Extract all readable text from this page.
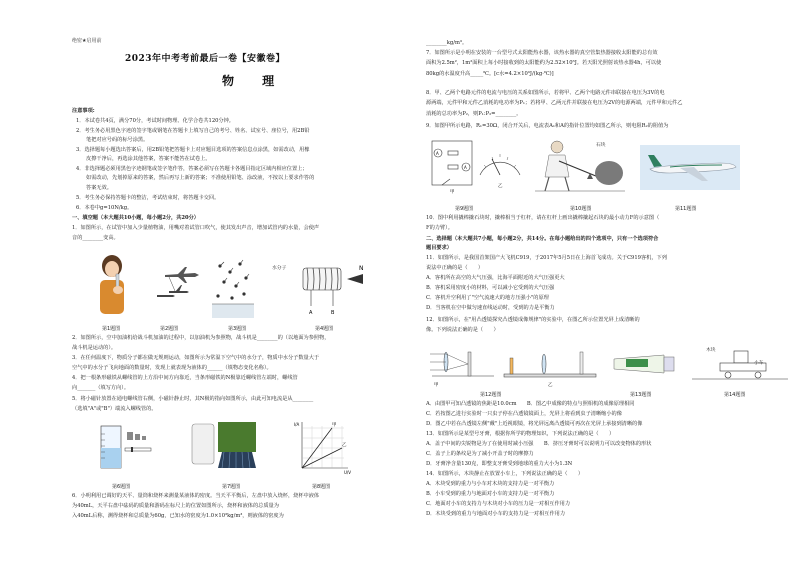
绝密★启用前
2023年中考考前最后一卷【安徽卷】
物 理
注意事项:
1．本试卷共4页，满分70分，考试时间物理、化学合卷共120分钟。
2．考生务必用黑色字迹的签字笔或钢笔在答题卡上填写自己的考号、姓名、试室号、座位号，用2B铅
笔把对应号码的标号涂黑。
3．选择题每小题选出答案后，用2B铅笔把答题卡上对应题目选项的答案信息点涂黑，如需改动，用橡
皮擦干净后，再选涂其他答案，答案不能答在试卷上。
4．非选择题必须用黑色字迹钢笔或签字笔作答，答案必须写在答题卡各题目指定区域内相应位置上；
如需改动，先划掉原来的答案，然后再写上新的答案；不准使用铅笔、涂改液，不按以上要求作答的
答案无效。
5．考生务必保持答题卡的整洁，考试结束时，将答题卡交回。
6．本卷中g=10N/kg。
一、填空题（本大题共10小题，每小题2分，共20分）
1．如图所示，在试管中加入少量植物油，用嘴对着试管口吹气，使其发出声音，增加试管内的水量，会使声
音的________变高。
水分子
A	B
N
第1题图	第2题图	第3题图	第4题图
2．如图所示，空中加油机给战斗机加油的过程中，以加油机为参照物，战斗机是________的（以地面为参照物，
战斗机是运动的）。
3．在任何温度下，物质分子都在做无规则运动，如图所示为常温下空气中的水分子，物质中水分子数量大于
空气中的水分子飞向地面的数量时，发现上就表现为液体的______（填物态变化名称）。
4．把一根条形磁铁从螺线管的上方沿中间方向靠近，当条形磁铁的N极靠近螺线管左端时，螺线管
向_______（填写方向）。
5．将小磁针放置在通电螺线管右侧，小磁针静止时，其N极的指向如图所示，由此可知电流是从________
（选填"A"或"B"）端流入螺线管的。
甲
乙
I/A
U/V
第6题图	第7题图	第8题图
6．小明利用已调好的天平、量筒和烧杯来测量某液体的密度。当天平平衡后，左盘中放入烧杯，烧杯中液体
为40mL，天平右盘中砝码的质量和游码在标尺上的位置如图所示，烧杯和液体的总质量为
入40mL后称，测得烧杯和总质量为60g，已知水的密度为1.0×10³kg/m³，则液体的密度为
________kg/m³。
7．如图所示是小明在安装的一台型号式太阳能热水器，该热水器的真空管集热器接收太阳能的总有效
面积为2.5m²，1m²面积上每小时接收到的太阳能约为2.52×10⁶J。若天阳光照射该热水器4h，可以使
80kg的水温度升高_____℃。[c水=4.2×10³J/(kg·℃)]
8．甲、乙两个电路元件的电流与电压的关系如图所示，若将甲、乙两个电路元件串联接在电压为3V的电
源两端，元件甲和元件乙消耗的电功率为P₁；若将甲、乙两元件并联接在电压为2V的电源两端，元件甲和元件乙
消耗的总功率为P₂，则P₁:P₂=________。
9．如图甲所示电路，R₁=30Ω，闭合开关后，电流表A₁和A的指针位置均如图乙所示，则电阻R₂的阻值为
A
A
乙
甲
石块
第9题图	第10题图	第11题图
10．图中利用撬棒撬石块时，撬棒相当于杠杆，请在杠杆上画出撬棒撬起石块的最小动力F的示意图（
F的力臂）。
二、选择题（本大题共7小题，每小题2分，共14分。在每小题给出的四个选项中，只有一个选项符合
题目要求）
11．如图所示，是我国首架国产大飞机C919，于2017年5月5日在上海首飞成功。关于C919客机，下列
说法中正确的是（　　）
A．客机所在高空的大气压强，比海平面附近的大气压强更大
B．客机采用密度小的材料，可以减小它受到的大气压强
C．客机升空利用了"空气流速大的地方压强小"的原理
D．当客机在空中做匀速直线运动时，受到的力是平衡力
12．如图所示，在"用凸透镜探究凸透镜成像规律"的实验中，在图乙所示位置光屏上成清晰的
像。下列说法正确的是（　　）
甲	乙
木块
小车
第12题图	第13题图	第14题图
A．由图甲可知凸透镜的焦距是10.0cm　　B．图乙中成像的特点与照相机的成像原理相同
C．若按图乙进行实验时一只虫子停在凸透镜镜面上，光屏上将看到虫子清晰缩小的像
D．图乙中若在凸透镜左侧"戴"上近视眼镜，将光屏远离凸透镜可再次在光屏上承接到清晰的像
13．如图所示是某型号牙膏，根据你所学的物理知识，下列说法正确的是（　　）
A．盖子中间的尖锐物是为了在使用时减小压强　　B．挤压牙膏时可以说明力可以改变物体的形状
C．盖子上的条纹是为了减小开盖子时的摩擦力
D．牙膏净含量130克，即整支牙膏受到地球的重力大小为1.3N
14．如图所示，木块静止在放置小车上，下列说法正确的是（　　）
A．木块受到的重力与小车对木块的支持力是一对平衡力
B．小车受到的重力与地面对小车的支持力是一对平衡力
C．地面对小车的支持力与木块对小车的压力是一对相互作用力
D．木块受到的重力与地面对小车的支持力是一对相互作用力
